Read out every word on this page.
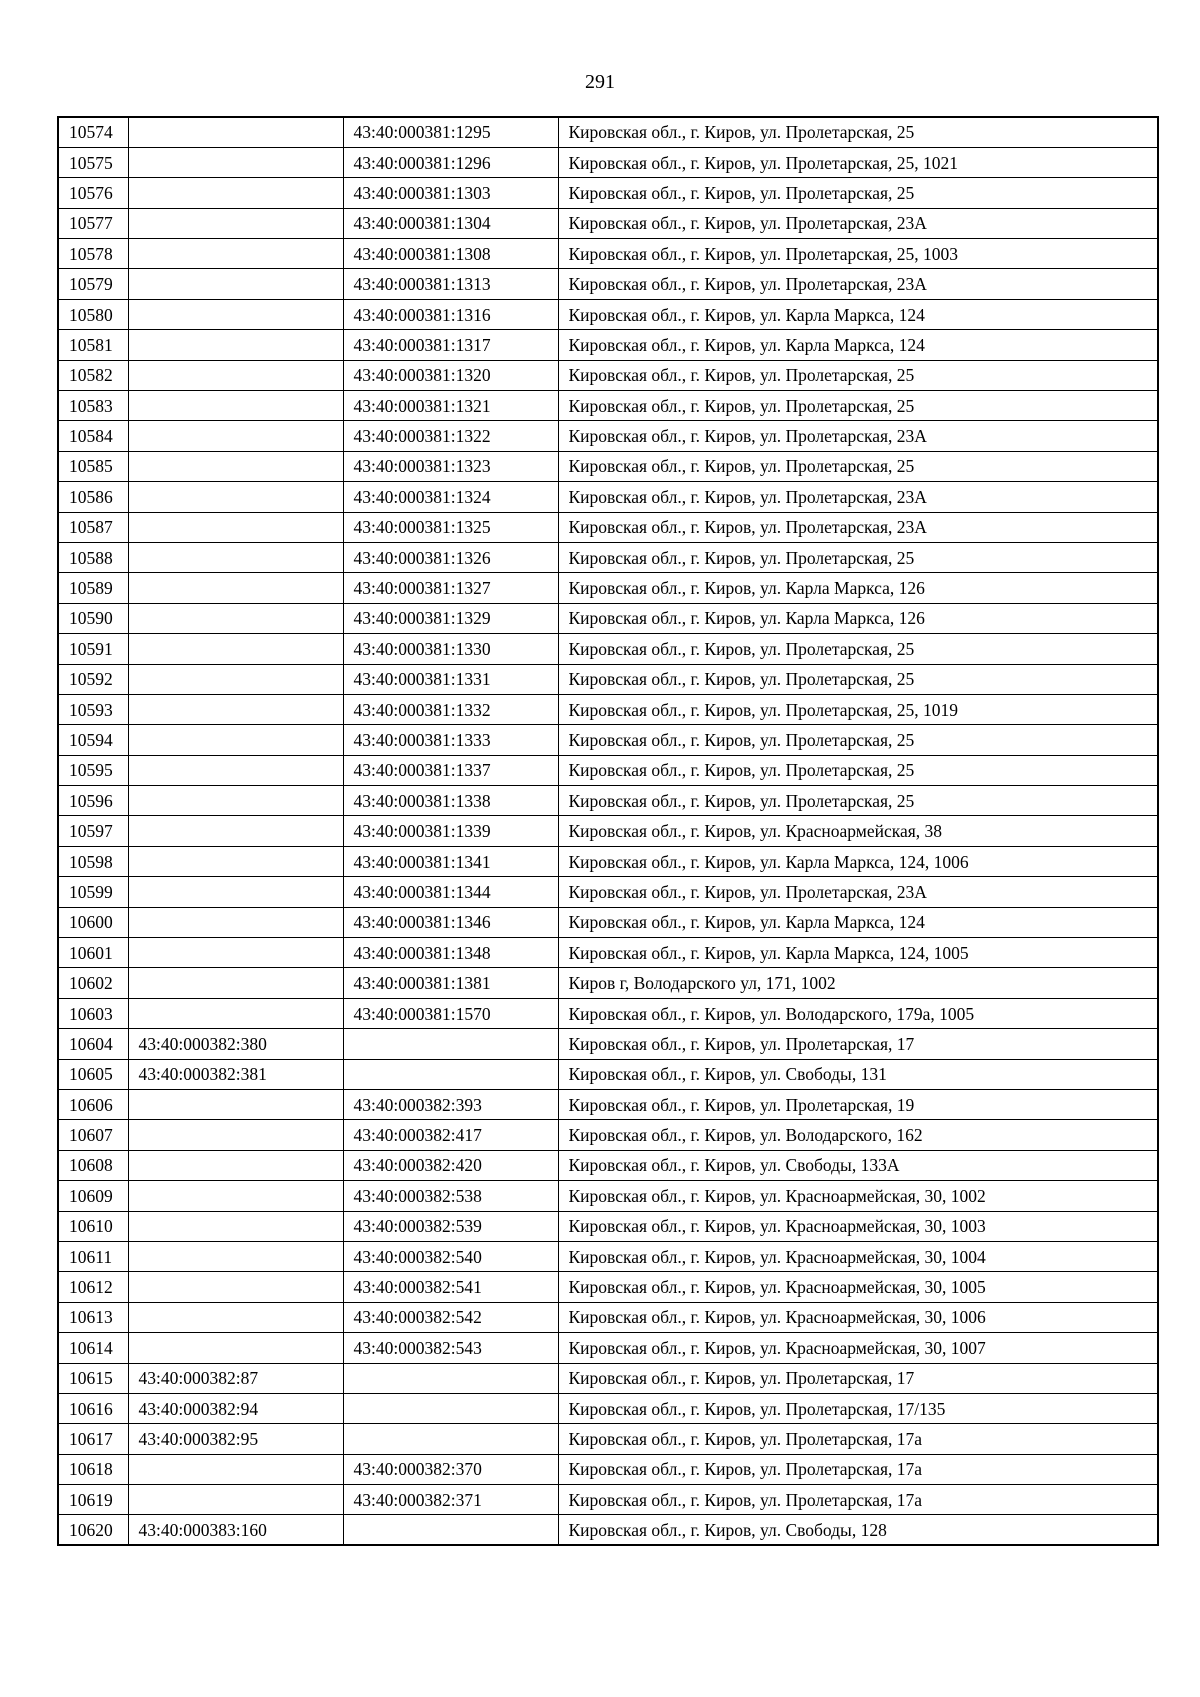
291
10574		43:40:000381:1295	Кировская обл., г. Киров, ул. Пролетарская, 25
10575		43:40:000381:1296	Кировская обл., г. Киров, ул. Пролетарская, 25, 1021
10576		43:40:000381:1303	Кировская обл., г. Киров, ул. Пролетарская, 25
10577		43:40:000381:1304	Кировская обл., г. Киров, ул. Пролетарская, 23А
10578		43:40:000381:1308	Кировская обл., г. Киров, ул. Пролетарская, 25, 1003
10579		43:40:000381:1313	Кировская обл., г. Киров, ул. Пролетарская, 23А
10580		43:40:000381:1316	Кировская обл., г. Киров, ул. Карла Маркса, 124
10581		43:40:000381:1317	Кировская обл., г. Киров, ул. Карла Маркса, 124
10582		43:40:000381:1320	Кировская обл., г. Киров, ул. Пролетарская, 25
10583		43:40:000381:1321	Кировская обл., г. Киров, ул. Пролетарская, 25
10584		43:40:000381:1322	Кировская обл., г. Киров, ул. Пролетарская, 23А
10585		43:40:000381:1323	Кировская обл., г. Киров, ул. Пролетарская, 25
10586		43:40:000381:1324	Кировская обл., г. Киров, ул. Пролетарская, 23А
10587		43:40:000381:1325	Кировская обл., г. Киров, ул. Пролетарская, 23А
10588		43:40:000381:1326	Кировская обл., г. Киров, ул. Пролетарская, 25
10589		43:40:000381:1327	Кировская обл., г. Киров, ул. Карла Маркса, 126
10590		43:40:000381:1329	Кировская обл., г. Киров, ул. Карла Маркса, 126
10591		43:40:000381:1330	Кировская обл., г. Киров, ул. Пролетарская, 25
10592		43:40:000381:1331	Кировская обл., г. Киров, ул. Пролетарская, 25
10593		43:40:000381:1332	Кировская обл., г. Киров, ул. Пролетарская, 25, 1019
10594		43:40:000381:1333	Кировская обл., г. Киров, ул. Пролетарская, 25
10595		43:40:000381:1337	Кировская обл., г. Киров, ул. Пролетарская, 25
10596		43:40:000381:1338	Кировская обл., г. Киров, ул. Пролетарская, 25
10597		43:40:000381:1339	Кировская обл., г. Киров, ул. Красноармейская, 38
10598		43:40:000381:1341	Кировская обл., г. Киров, ул. Карла Маркса, 124, 1006
10599		43:40:000381:1344	Кировская обл., г. Киров, ул. Пролетарская, 23А
10600		43:40:000381:1346	Кировская обл., г. Киров, ул. Карла Маркса, 124
10601		43:40:000381:1348	Кировская обл., г. Киров, ул. Карла Маркса, 124, 1005
10602		43:40:000381:1381	Киров г, Володарского ул, 171, 1002
10603		43:40:000381:1570	Кировская обл., г. Киров, ул. Володарского, 179а, 1005
10604	43:40:000382:380		Кировская обл., г. Киров, ул. Пролетарская, 17
10605	43:40:000382:381		Кировская обл., г. Киров, ул. Свободы, 131
10606		43:40:000382:393	Кировская обл., г. Киров, ул. Пролетарская, 19
10607		43:40:000382:417	Кировская обл., г. Киров, ул. Володарского, 162
10608		43:40:000382:420	Кировская обл., г. Киров, ул. Свободы, 133А
10609		43:40:000382:538	Кировская обл., г. Киров, ул. Красноармейская, 30, 1002
10610		43:40:000382:539	Кировская обл., г. Киров, ул. Красноармейская, 30, 1003
10611		43:40:000382:540	Кировская обл., г. Киров, ул. Красноармейская, 30, 1004
10612		43:40:000382:541	Кировская обл., г. Киров, ул. Красноармейская, 30, 1005
10613		43:40:000382:542	Кировская обл., г. Киров, ул. Красноармейская, 30, 1006
10614		43:40:000382:543	Кировская обл., г. Киров, ул. Красноармейская, 30, 1007
10615	43:40:000382:87		Кировская обл., г. Киров, ул. Пролетарская, 17
10616	43:40:000382:94		Кировская обл., г. Киров, ул. Пролетарская, 17/135
10617	43:40:000382:95		Кировская обл., г. Киров, ул. Пролетарская, 17а
10618		43:40:000382:370	Кировская обл., г. Киров, ул. Пролетарская, 17а
10619		43:40:000382:371	Кировская обл., г. Киров, ул. Пролетарская, 17а
10620	43:40:000383:160		Кировская обл., г. Киров, ул. Свободы, 128
